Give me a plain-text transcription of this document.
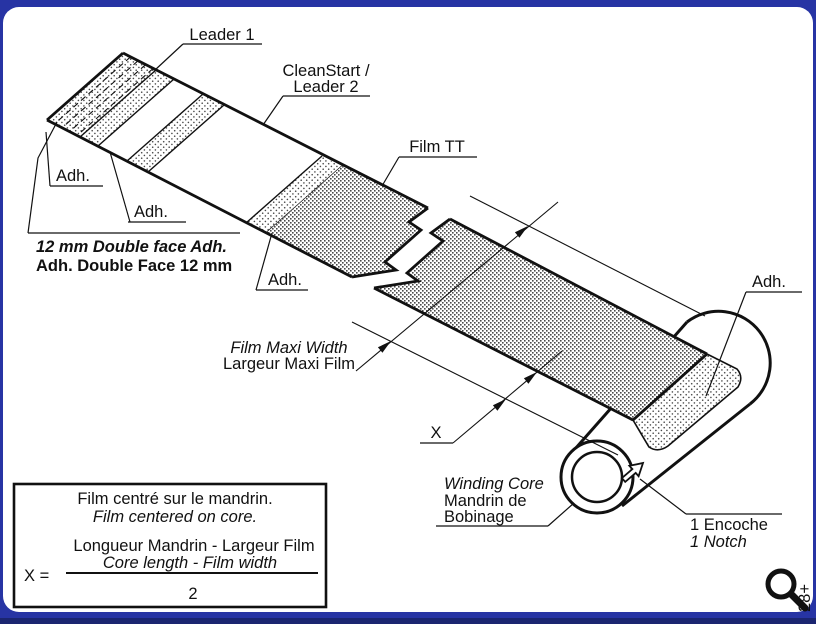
Leader 1
CleanStart /
Leader 2
Film TT
Adh.
Adh.
Adh.	Adh.
12 mm Double face Adh.
Adh. Double Face 12 mm
Film Maxi Width
Largeur Maxi Film
X
Winding Core
Mandrin de
Bobinage	1 Encoche
1 Notch
Film centré sur le mandrin.
Film centered on core.
X =
Longueur Mandrin - Largeur Film
Core length - Film width
2	28+
